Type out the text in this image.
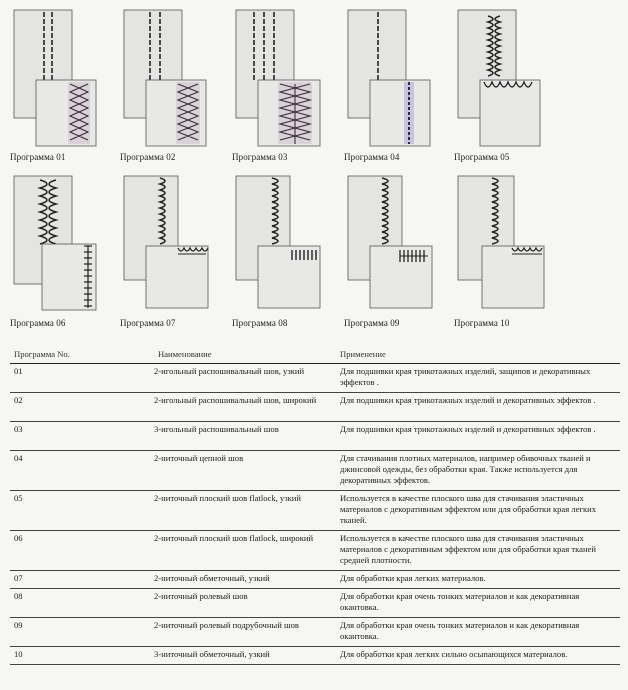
Программа 01	Программа 02	Программа 03	Программа 04	Программа 05
Программа 06	Программа 07	Программа 08	Программа 09	Программа 10
Программа No.	Наименование	Применение
01	2-игольный распошивальный шов, узкий	Для подшивки края трикотажных изделий, защипов и декоративных эффектов .
02	2-игольный распошивальный шов, широкий	Для подшивки края трикотажных изделий и декоративных эффектов .
03	3-игольный распошивальный шов	Для подшивки края трикотажных изделий и декоративных эффектов .
04	2-ниточный цепной шов	Для стачивания плотных материалов, например обивочных тканей и джинсовой одежды, без обработки края. Также используется для декоративных эффектов.
05	2-ниточный плоский шов flatlock, узкий	Используется в качестве плоского шва для стачивания эластичных материалов с декоративным эффектом или для обработки края легких тканей.
06	2-ниточный плоский шов flatlock, широкий	Используется в качестве плоского шва для стачивания эластичных материалов с декоративным эффектом или для обработки края тканей средней плотности.
07	2-ниточный обметочный, узкий	Для обработки края легких материалов.
08	2-ниточный ролевый шов	Для обработки края очень тонких материалов и как декоративная окантовка.
09	2-ниточный ролевый подрубочный шов	Для обработки края очень тонких материалов и как декоративная окантовка.
10	3-ниточный обметочный, узкий	Для обработки края легких сильно осыпающихся материалов.
